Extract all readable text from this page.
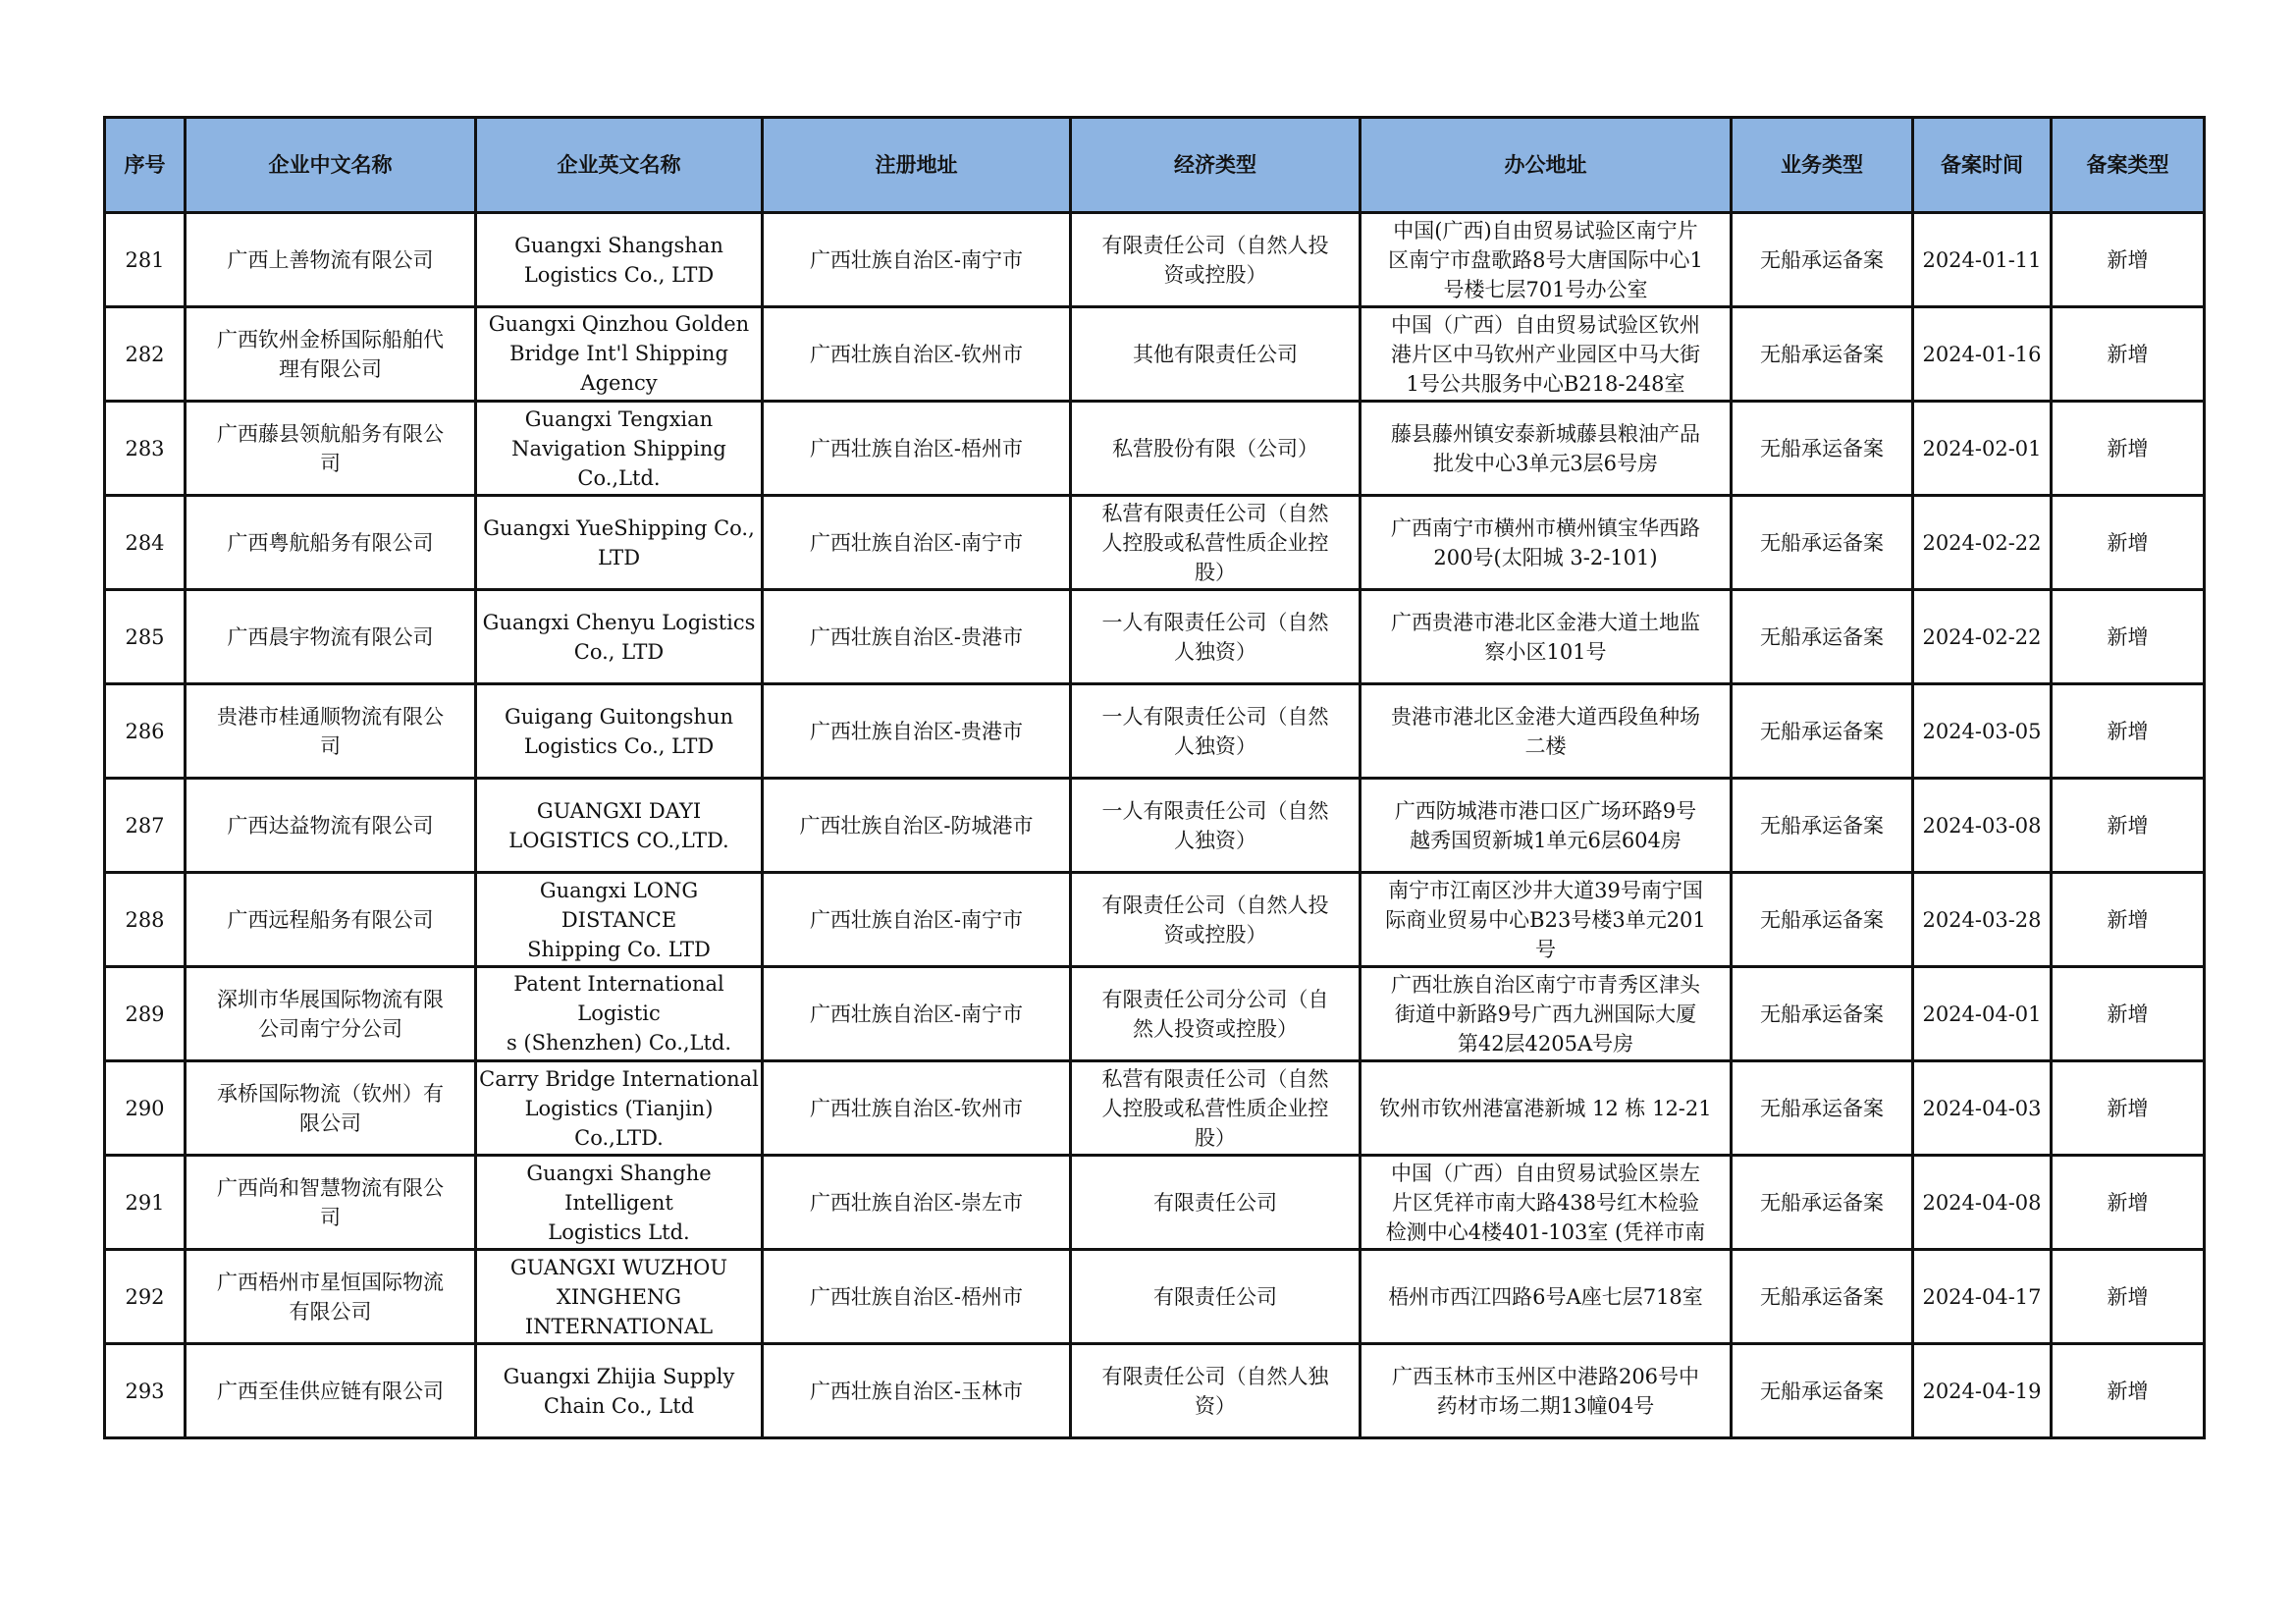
序号	企业中文名称	企业英文名称	注册地址	经济类型	办公地址	业务类型	备案时间	备案类型

281	广西上善物流有限公司	Guangxi Shangshan
Logistics Co., LTD	广西壮族自治区-南宁市	有限责任公司（自然人投
资或控股）	中国(广西)自由贸易试验区南宁片
区南宁市盘歌路8号大唐国际中心1
号楼七层701号办公室	无船承运备案	2024-01-11	新增

282	广西钦州金桥国际船舶代
理有限公司	Guangxi Qinzhou Golden
Bridge Int'l Shipping Agency	广西壮族自治区-钦州市	其他有限责任公司	中国（广西）自由贸易试验区钦州
港片区中马钦州产业园区中马大街
1号公共服务中心B218-248室	无船承运备案	2024-01-16	新增

283	广西藤县领航船务有限公
司	Guangxi Tengxian
Navigation Shipping
Co.,Ltd.	广西壮族自治区-梧州市	私营股份有限（公司）	藤县藤州镇安泰新城藤县粮油产品
批发中心3单元3层6号房	无船承运备案	2024-02-01	新增

284	广西粤航船务有限公司	Guangxi YueShipping Co.,
LTD	广西壮族自治区-南宁市	私营有限责任公司（自然
人控股或私营性质企业控
股）	广西南宁市横州市横州镇宝华西路
200号(太阳城 3-2-101)	无船承运备案	2024-02-22	新增

285	广西晨宇物流有限公司	Guangxi Chenyu Logistics
Co., LTD	广西壮族自治区-贵港市	一人有限责任公司（自然
人独资）	广西贵港市港北区金港大道土地监
察小区101号	无船承运备案	2024-02-22	新增

286	贵港市桂通顺物流有限公
司	Guigang Guitongshun
Logistics Co., LTD	广西壮族自治区-贵港市	一人有限责任公司（自然
人独资）	贵港市港北区金港大道西段鱼种场
二楼	无船承运备案	2024-03-05	新增

287	广西达益物流有限公司	GUANGXI DAYI
LOGISTICS CO.,LTD.	广西壮族自治区-防城港市	一人有限责任公司（自然
人独资）	广西防城港市港口区广场环路9号
越秀国贸新城1单元6层604房	无船承运备案	2024-03-08	新增

288	广西远程船务有限公司	Guangxi LONG DISTANCE
Shipping Co. LTD	广西壮族自治区-南宁市	有限责任公司（自然人投
资或控股）	南宁市江南区沙井大道39号南宁国
际商业贸易中心B23号楼3单元201
号	无船承运备案	2024-03-28	新增

289	深圳市华展国际物流有限
公司南宁分公司	Patent International Logistic
s (Shenzhen) Co.,Ltd.	广西壮族自治区-南宁市	有限责任公司分公司（自
然人投资或控股）	广西壮族自治区南宁市青秀区津头
街道中新路9号广西九洲国际大厦
第42层4205A号房	无船承运备案	2024-04-01	新增

290	承桥国际物流（钦州）有
限公司	Carry Bridge International
Logistics (Tianjin) Co.,LTD.	广西壮族自治区-钦州市	私营有限责任公司（自然
人控股或私营性质企业控
股）	钦州市钦州港富港新城 12 栋 12-21	无船承运备案	2024-04-03	新增

291	广西尚和智慧物流有限公
司	Guangxi Shanghe Intelligent
Logistics Ltd.	广西壮族自治区-崇左市	有限责任公司	中国（广西）自由贸易试验区崇左
片区凭祥市南大路438号红木检验
检测中心4楼401-103室 (凭祥市南	无船承运备案	2024-04-08	新增

292	广西梧州市星恒国际物流
有限公司	GUANGXI WUZHOU
XINGHENG
INTERNATIONAL	广西壮族自治区-梧州市	有限责任公司	梧州市西江四路6号A座七层718室	无船承运备案	2024-04-17	新增

293	广西至佳供应链有限公司	Guangxi Zhijia Supply
Chain Co., Ltd	广西壮族自治区-玉林市	有限责任公司（自然人独
资）	广西玉林市玉州区中港路206号中
药材市场二期13幢04号	无船承运备案	2024-04-19	新增
